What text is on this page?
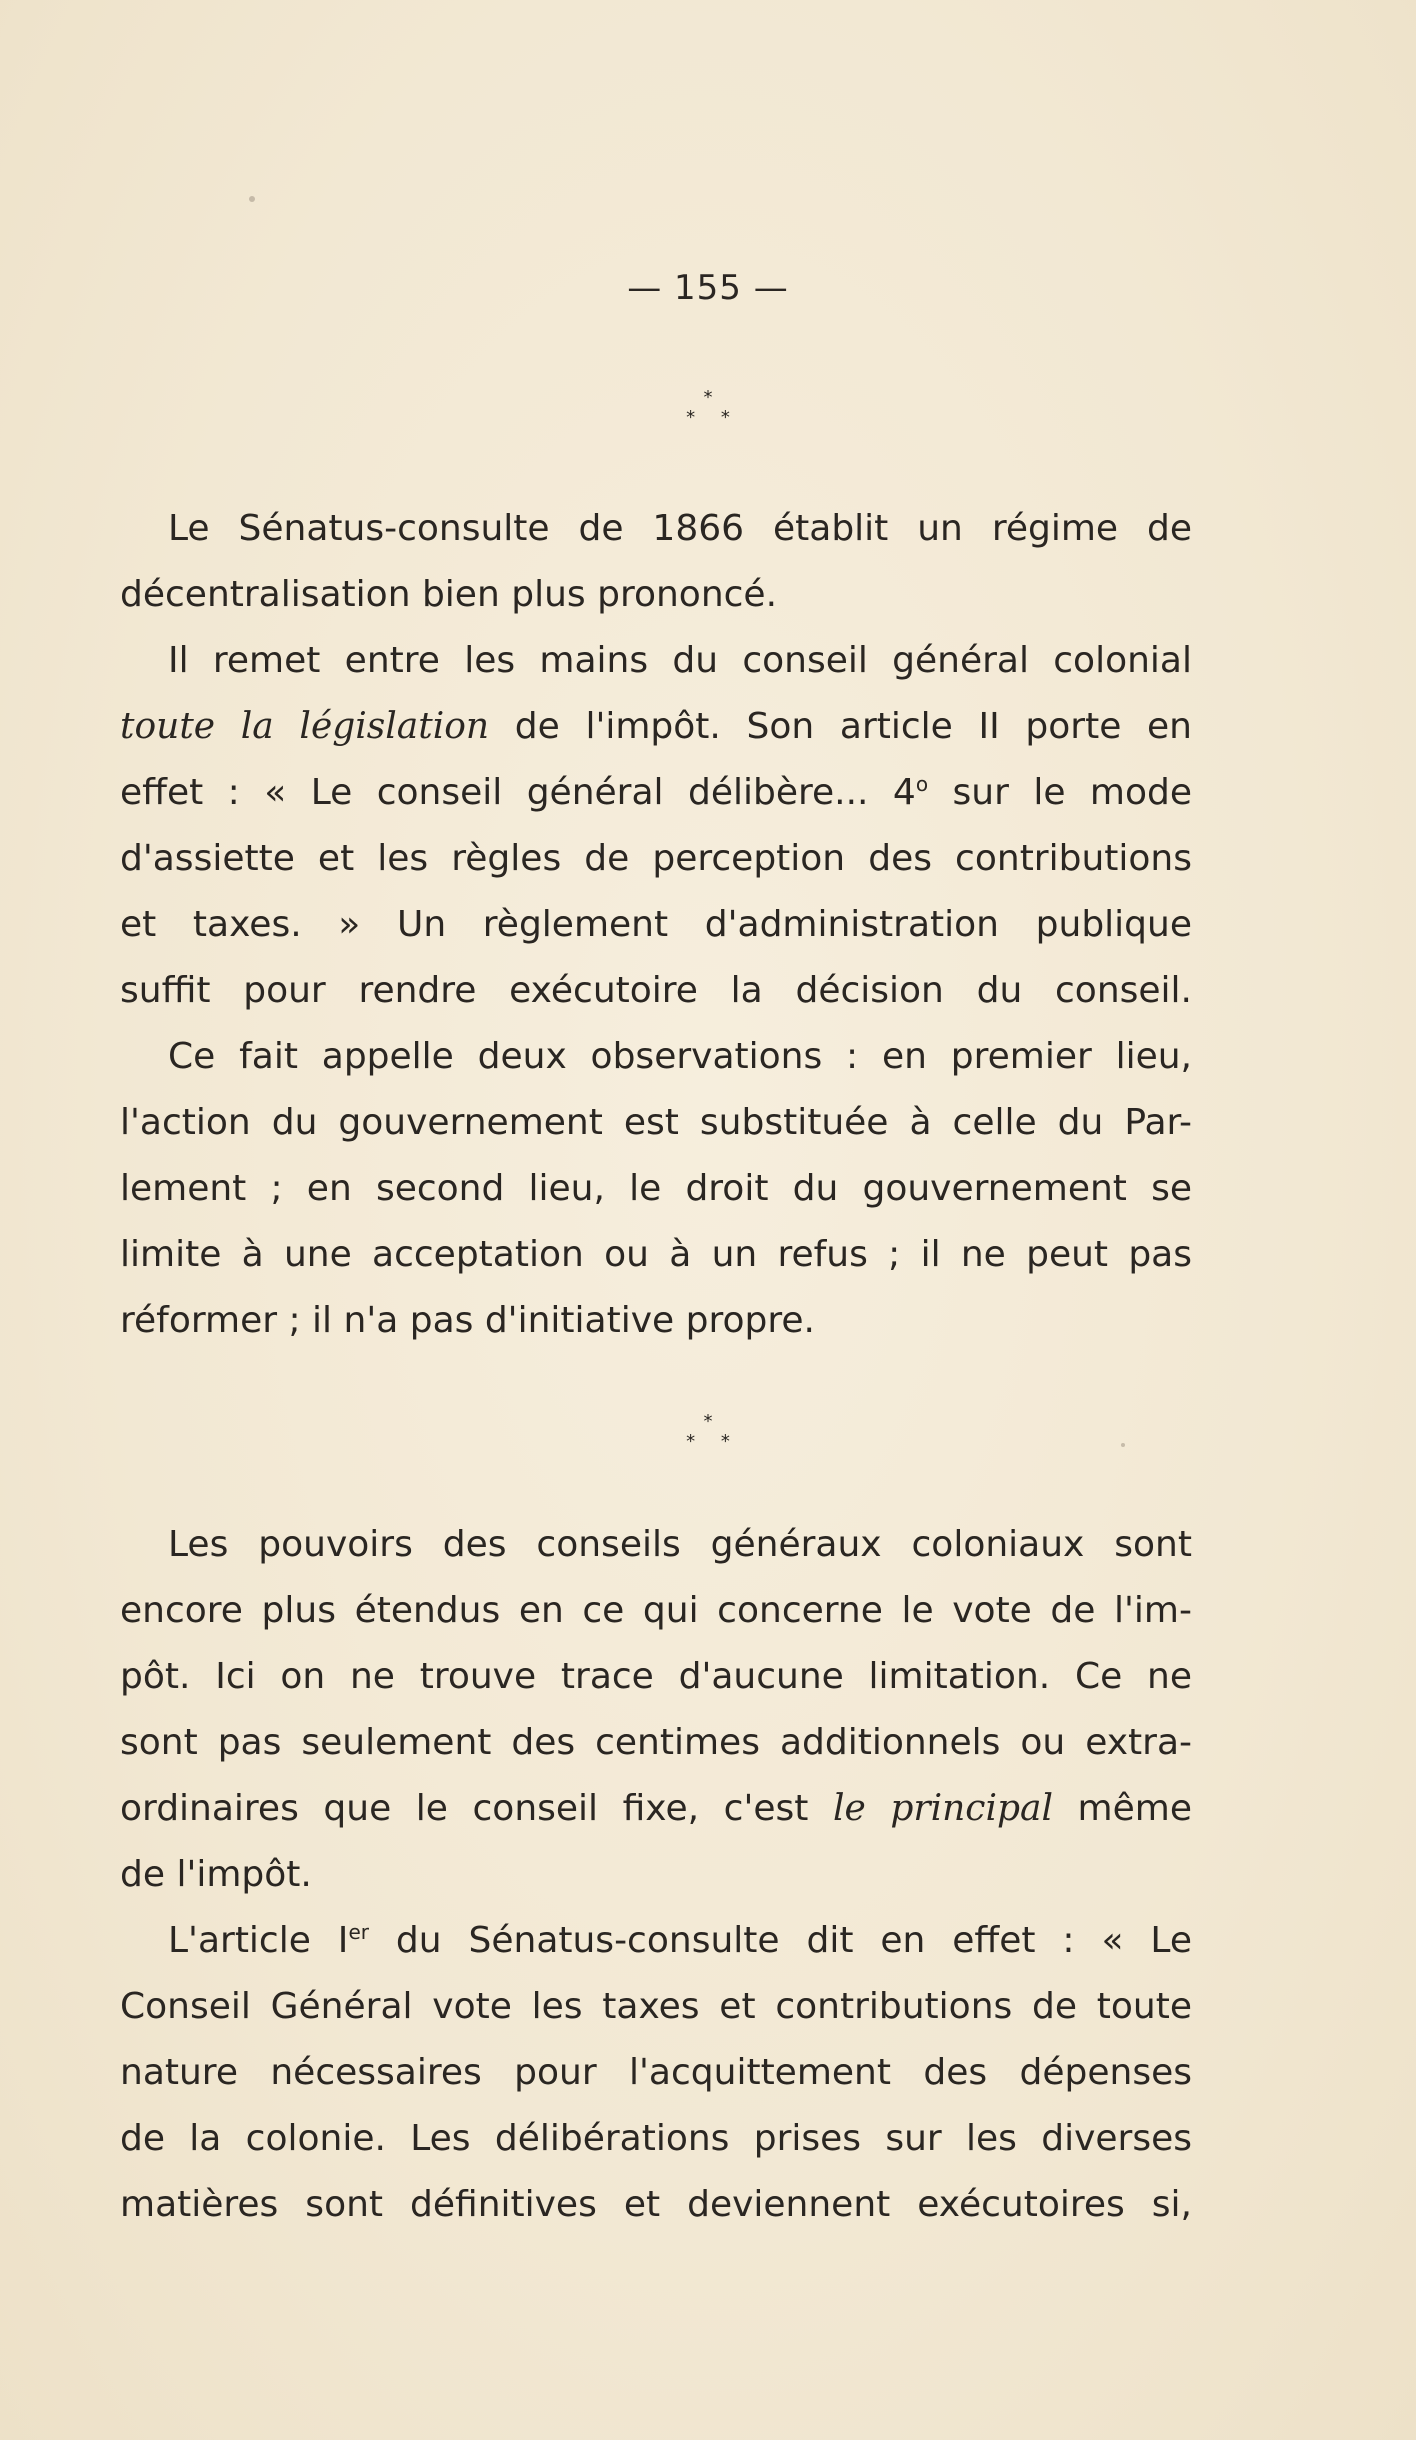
— 155 —
*
* *
Le Sénatus-consulte de 1866 établit un régime de
décentralisation bien plus prononcé.
Il remet entre les mains du conseil général colonial
toute la législation de l'impôt. Son article II porte en
effet : « Le conseil général délibère... 4$^o$ sur le mode
d'assiette et les règles de perception des contributions
et taxes. » Un règlement d'administration publique
suffit pour rendre exécutoire la décision du conseil.
Ce fait appelle deux observations : en premier lieu,
l'action du gouvernement est substituée à celle du Par-
lement ; en second lieu, le droit du gouvernement se
limite à une acceptation ou à un refus ; il ne peut pas
réformer ; il n'a pas d'initiative propre.
*
* *
Les pouvoirs des conseils généraux coloniaux sont
encore plus étendus en ce qui concerne le vote de l'im-
pôt. Ici on ne trouve trace d'aucune limitation. Ce ne
sont pas seulement des centimes additionnels ou extra-
ordinaires que le conseil fixe, c'est le principal même
de l'impôt.
L'article Ier du Sénatus-consulte dit en effet : « Le
Conseil Général vote les taxes et contributions de toute
nature nécessaires pour l'acquittement des dépenses
de la colonie. Les délibérations prises sur les diverses
matières sont définitives et deviennent exécutoires si,
